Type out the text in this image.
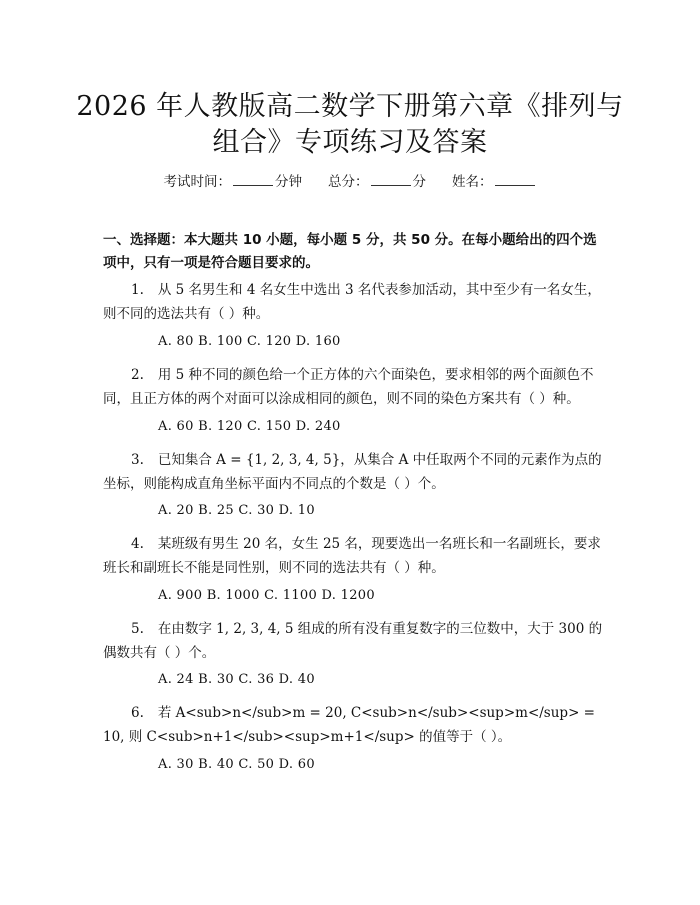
2026 年人教版高二数学下册第六章《排列与
组合》专项练习及答案
考试时间：	分钟 总分：	分 姓名：
一、选择题：本大题共 10 小题，每小题 5 分，共 50 分。在每小题给出的四个选项中，只有一项是符合题目要求的。
1. 从 5 名男生和 4 名女生中选出 3 名代表参加活动，其中至少有一名女生，则不同的选法共有（ ）种。
A. 80 B. 100 C. 120 D. 160
2. 用 5 种不同的颜色给一个正方体的六个面染色，要求相邻的两个面颜色不同，且正方体的两个对面可以涂成相同的颜色，则不同的染色方案共有（ ）种。
A. 60 B. 120 C. 150 D. 240
3. 已知集合 A = {1, 2, 3, 4, 5}，从集合 A 中任取两个不同的元素作为点的坐标，则能构成直角坐标平面内不同点的个数是（ ）个。
A. 20 B. 25 C. 30 D. 10
4. 某班级有男生 20 名，女生 25 名，现要选出一名班长和一名副班长，要求班长和副班长不能是同性别，则不同的选法共有（ ）种。
A. 900 B. 1000 C. 1100 D. 1200
5. 在由数字 1, 2, 3, 4, 5 组成的所有没有重复数字的三位数中，大于 300 的偶数共有（ ）个。
A. 24 B. 30 C. 36 D. 40
6. 若 A<sub>n</sub>m = 20, C<sub>n</sub><sup>m</sup> = 10, 则 C<sub>n+1</sub><sup>m+1</sup> 的值等于（ ）。
A. 30 B. 40 C. 50 D. 60
